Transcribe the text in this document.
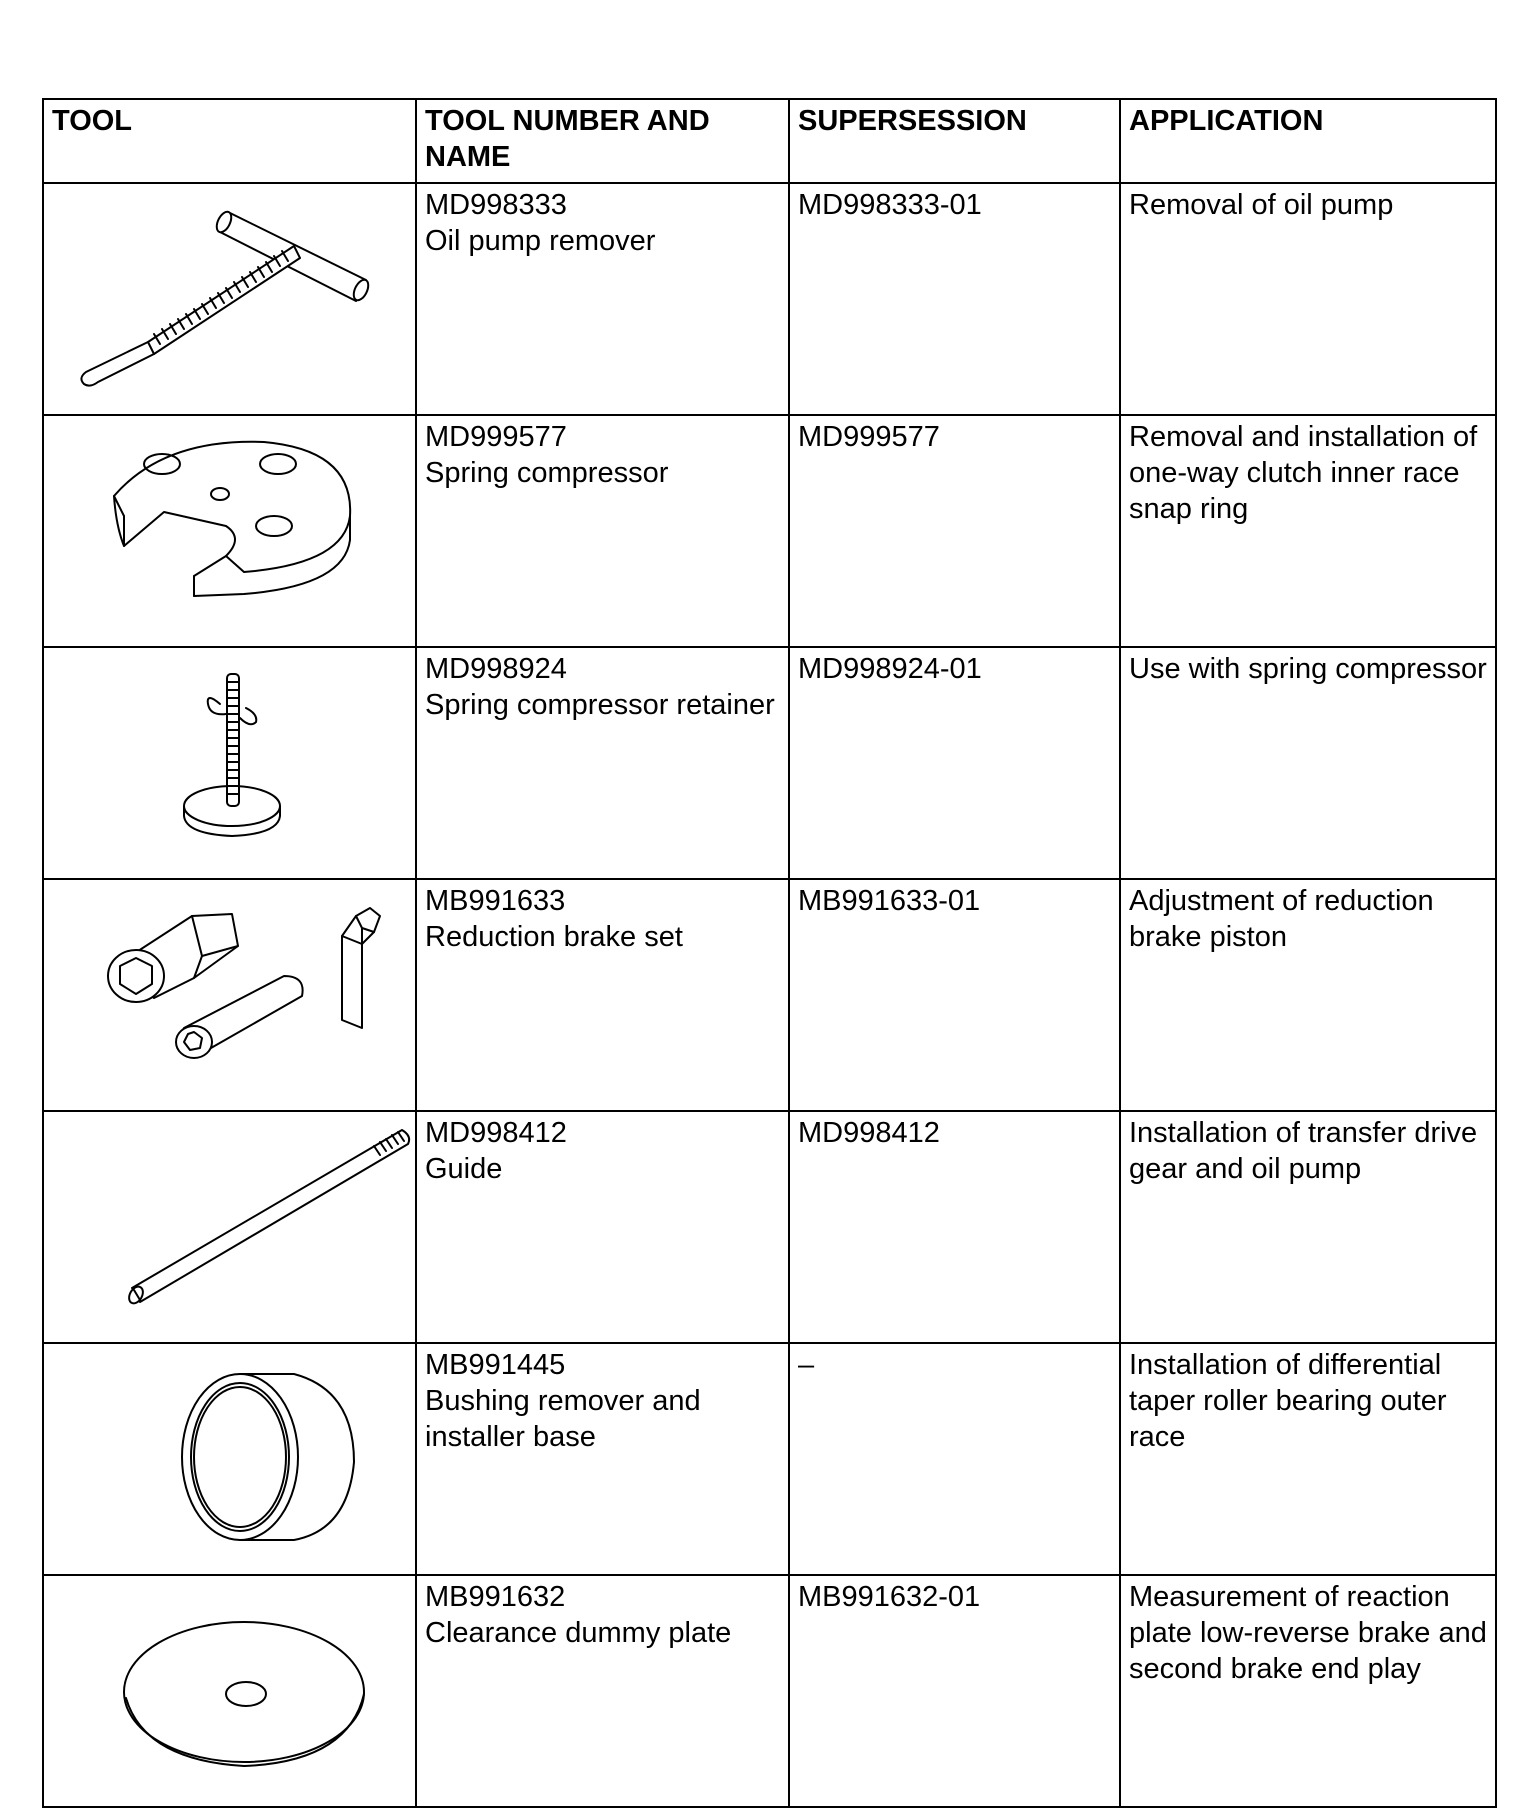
TOOL	TOOL NUMBER AND NAME	SUPERSESSION	APPLICATION

MD998333
Oil pump remover	MD998333-01	Removal of oil pump

MD999577
Spring compressor	MD999577	Removal and installation of one-way clutch inner race snap ring

MD998924
Spring compressor retainer	MD998924-01	Use with spring compressor

MB991633
Reduction brake set	MB991633-01	Adjustment of reduction brake piston

MD998412
Guide	MD998412	Installation of transfer drive gear and oil pump

MB991445
Bushing remover and installer base	–	Installation of differential taper roller bearing outer race

MB991632
Clearance dummy plate	MB991632-01	Measurement of reaction plate low-reverse brake and second brake end play
